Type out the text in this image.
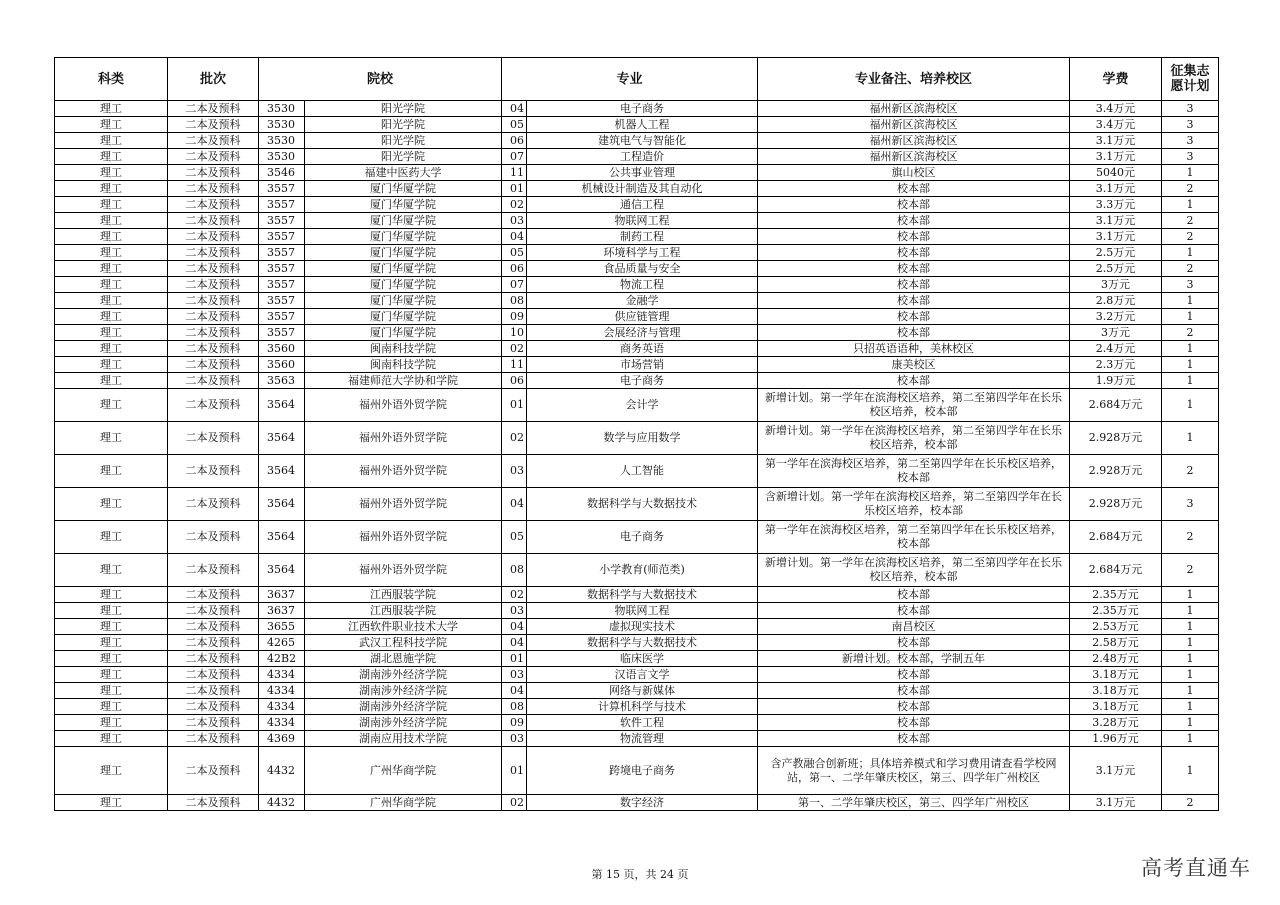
科类	批次	院校		专业		专业备注、培养校区	学费	征集志
愿计划
理工	二本及预科	3530	阳光学院	04	电子商务	福州新区滨海校区	3.4万元	3
理工	二本及预科	3530	阳光学院	05	机器人工程	福州新区滨海校区	3.4万元	3
理工	二本及预科	3530	阳光学院	06	建筑电气与智能化	福州新区滨海校区	3.1万元	3
理工	二本及预科	3530	阳光学院	07	工程造价	福州新区滨海校区	3.1万元	3
理工	二本及预科	3546	福建中医药大学	11	公共事业管理	旗山校区	5040元	1
理工	二本及预科	3557	厦门华厦学院	01	机械设计制造及其自动化	校本部	3.1万元	2
理工	二本及预科	3557	厦门华厦学院	02	通信工程	校本部	3.3万元	1
理工	二本及预科	3557	厦门华厦学院	03	物联网工程	校本部	3.1万元	2
理工	二本及预科	3557	厦门华厦学院	04	制药工程	校本部	3.1万元	2
理工	二本及预科	3557	厦门华厦学院	05	环境科学与工程	校本部	2.5万元	1
理工	二本及预科	3557	厦门华厦学院	06	食品质量与安全	校本部	2.5万元	2
理工	二本及预科	3557	厦门华厦学院	07	物流工程	校本部	3万元	3
理工	二本及预科	3557	厦门华厦学院	08	金融学	校本部	2.8万元	1
理工	二本及预科	3557	厦门华厦学院	09	供应链管理	校本部	3.2万元	1
理工	二本及预科	3557	厦门华厦学院	10	会展经济与管理	校本部	3万元	2
理工	二本及预科	3560	闽南科技学院	02	商务英语	只招英语语种，美林校区	2.4万元	1
理工	二本及预科	3560	闽南科技学院	11	市场营销	康美校区	2.3万元	1
理工	二本及预科	3563	福建师范大学协和学院	06	电子商务	校本部	1.9万元	1
理工	二本及预科	3564	福州外语外贸学院	01	会计学	新增计划。第一学年在滨海校区培养，第二至第四学年在长乐校区培养，校本部	2.684万元	1
理工	二本及预科	3564	福州外语外贸学院	02	数学与应用数学	新增计划。第一学年在滨海校区培养，第二至第四学年在长乐校区培养，校本部	2.928万元	1
理工	二本及预科	3564	福州外语外贸学院	03	人工智能	第一学年在滨海校区培养，第二至第四学年在长乐校区培养，校本部	2.928万元	2
理工	二本及预科	3564	福州外语外贸学院	04	数据科学与大数据技术	含新增计划。第一学年在滨海校区培养，第二至第四学年在长乐校区培养，校本部	2.928万元	3
理工	二本及预科	3564	福州外语外贸学院	05	电子商务	第一学年在滨海校区培养，第二至第四学年在长乐校区培养，校本部	2.684万元	2
理工	二本及预科	3564	福州外语外贸学院	08	小学教育(师范类)	新增计划。第一学年在滨海校区培养，第二至第四学年在长乐校区培养，校本部	2.684万元	2
理工	二本及预科	3637	江西服装学院	02	数据科学与大数据技术	校本部	2.35万元	1
理工	二本及预科	3637	江西服装学院	03	物联网工程	校本部	2.35万元	1
理工	二本及预科	3655	江西软件职业技术大学	04	虚拟现实技术	南昌校区	2.53万元	1
理工	二本及预科	4265	武汉工程科技学院	04	数据科学与大数据技术	校本部	2.58万元	1
理工	二本及预科	42B2	湖北恩施学院	01	临床医学	新增计划。校本部，学制五年	2.48万元	1
理工	二本及预科	4334	湖南涉外经济学院	03	汉语言文学	校本部	3.18万元	1
理工	二本及预科	4334	湖南涉外经济学院	04	网络与新媒体	校本部	3.18万元	1
理工	二本及预科	4334	湖南涉外经济学院	08	计算机科学与技术	校本部	3.18万元	1
理工	二本及预科	4334	湖南涉外经济学院	09	软件工程	校本部	3.28万元	1
理工	二本及预科	4369	湖南应用技术学院	03	物流管理	校本部	1.96万元	1
理工	二本及预科	4432	广州华商学院	01	跨境电子商务	含产教融合创新班；具体培养模式和学习费用请查看学校网站，第一、二学年肇庆校区，第三、四学年广州校区	3.1万元	1
理工	二本及预科	4432	广州华商学院	02	数字经济	第一、二学年肇庆校区，第三、四学年广州校区	3.1万元	2
第 15 页，共 24 页	高考直通车
